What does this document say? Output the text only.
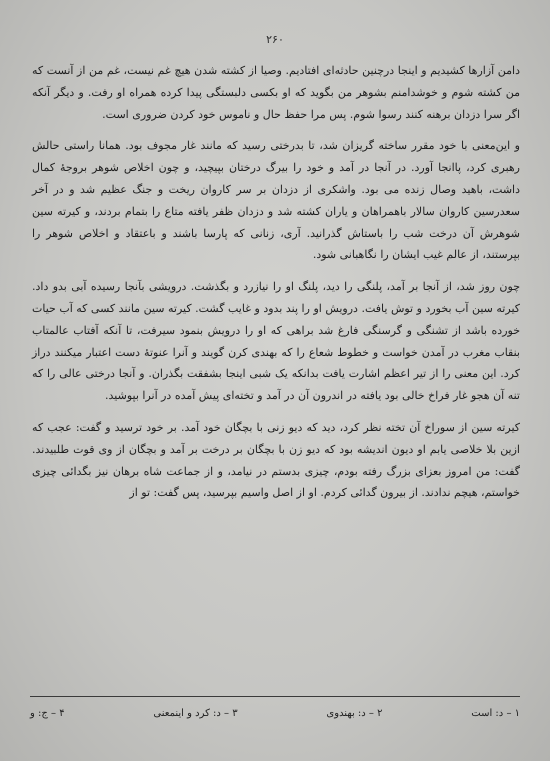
۲۶۰

دامن آزارها کشیدیم و اینجا درچنین حادثه‌ای افتادیم. وصیا از کشته شدن هیچ غم نیست، غم من از آنست که من کشته شوم و خوشدامنم بشوهر من بگوید که او بکسی دلبستگی پیدا کرده همراه او رفت. و دیگر آنکه اگر سرا دزدان برهنه کنند رسوا شوم. پس مرا حفظ حال و ناموس خود کردن ضروری است.

و این‌معنی با خود مقرر ساخته گریزان شد، تا بدرختی رسید که مانند غار مجوف بود. همانا راستی حالش رهبری کرد، پاانجا آورد. در آنجا در آمد و خود را بیرگ درختان بپیچید، و چون اخلاص شوهر بروجهٔ کمال داشت، باهید وصال زنده می بود. واشکری از دزدان بر سر کاروان ریخت و جنگ عظیم شد و در آخر سعدرسین کاروان سالار باهمراهان و یاران کشته شد و دزدان ظفر یافته متاع را بتمام بردند، و کیرته سین شوهرش آن درخت شب را باستاش گذرانید. آری، زنانی که پارسا باشند و باعتقاد و اخلاص شوهر را بپرستند، از عالم غیب ایشان را نگاهبانی شود.

چون روز شد، از آنجا بر آمد، پلنگی را دید، پلنگ او را نیازرد و بگذشت. درویشی بآنجا رسیده آبی بدو داد. کیرته سین آب بخورد و توش یافت. درویش او را پند بدود و غایب گشت. کیرته سین مانند کسی که آب حیات خورده باشد از تشنگی و گرسنگی فارغ شد براهی که او را درویش بنمود سیرفت، تا آنکه آفتاب عالمتاب بنقاب مغرب در آمدن خواست و خطوط شعاع را که بهندی کرن گویند و آنرا عنوتهٔ دست اعتبار میکنند دراز کرد. این معنی را از تیر اعظم اشارت یافت بدانکه یک شبی اینجا بشفقت بگذران. و آنجا درختی عالی را که تنه آن هجو غار فراخ خالی بود یافته در اندرون آن در آمد و تخته‌ای پیش آمده در آنرا بپوشید.

کیرته سین از سوراخ آن تخته نظر کرد، دید که دیو زنی با بچگان خود آمد. بر خود ترسید و گفت: عجب که ازین بلا خلاصی یابم او دیون اندیشه بود که دیو زن با بچگان بر درخت بر آمد و بچگان از وی قوت طلبیدند. گفت: من امروز بعزای بزرگ رفته بودم، چیزی بدستم در نیامد، و از جماعت شاه برهان نیز بگدائی چیزی خواستم، هیچم ندادند. از بیرون گدائی کردم. او از اصل واسیم بپرسید، پس گفت: تو از

۱ – د: است
۲ – د: بهندوی
۳ – د: کرد و اینمعنی
۴ – ج: و
